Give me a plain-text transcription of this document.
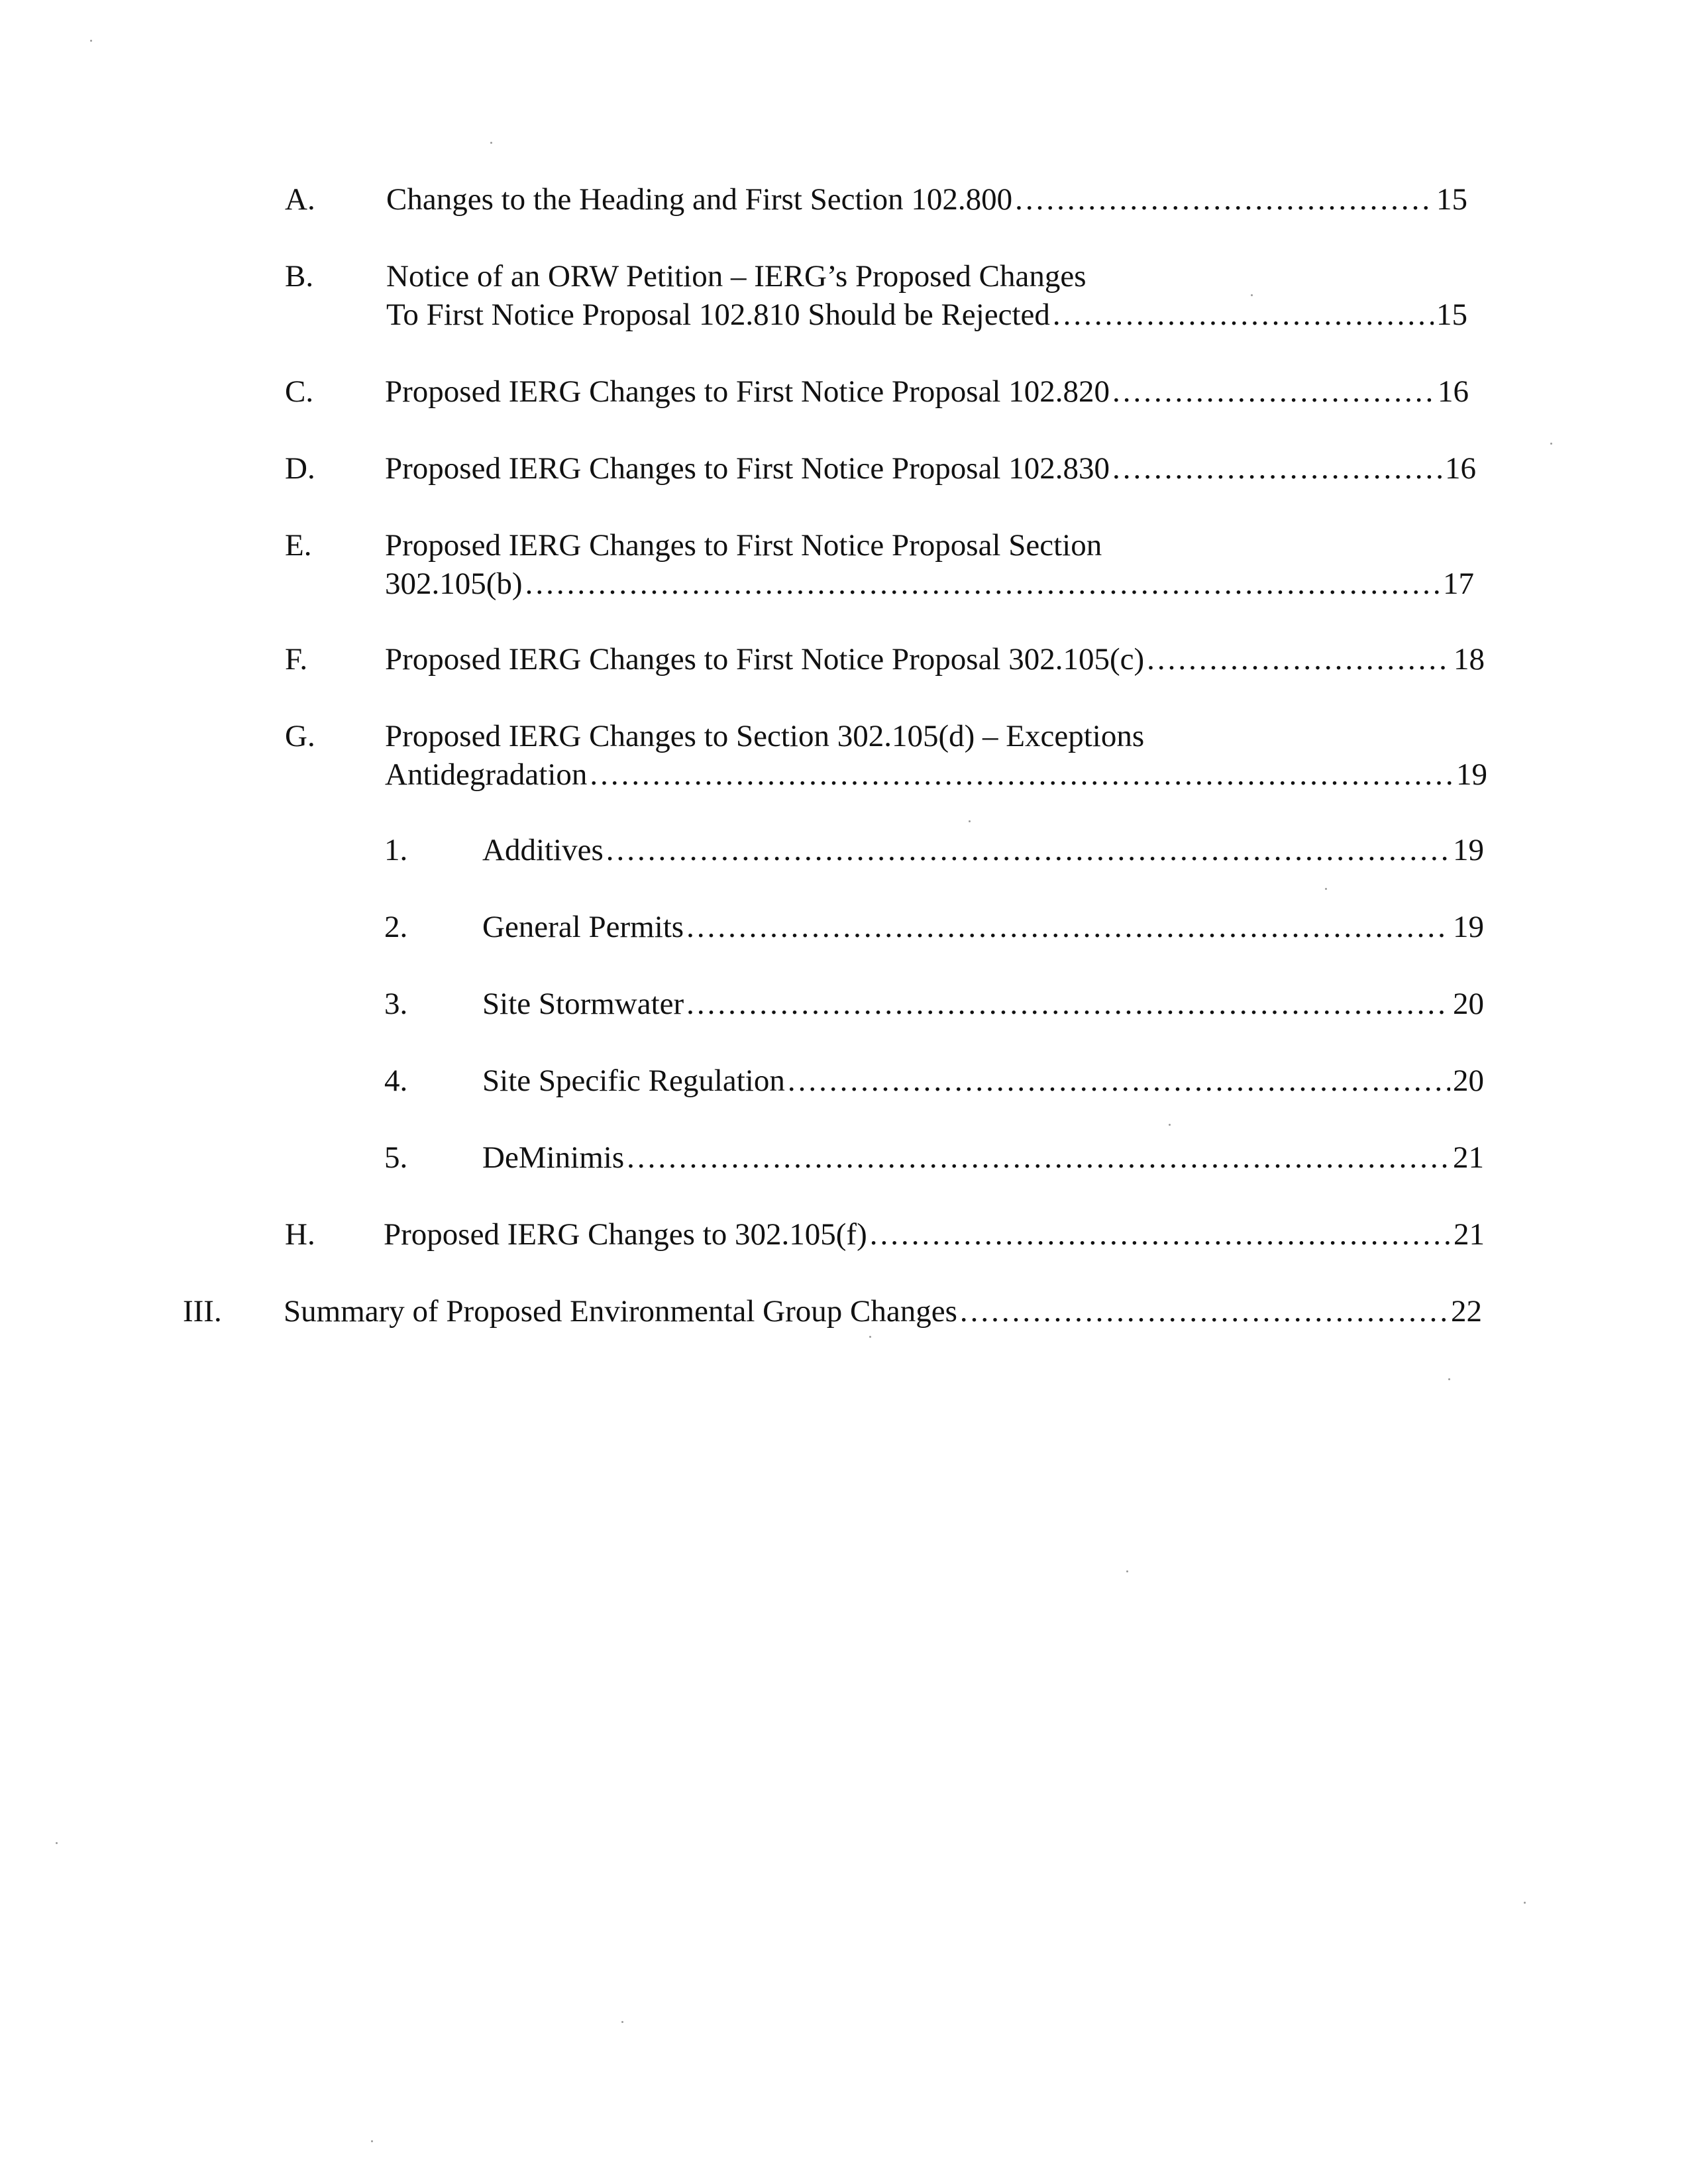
A. Changes to the Heading and First Section 102.800 .....	15
B. Notice of an ORW Petition – IERG’s Proposed Changes
To First Notice Proposal 102.810 Should be Rejected .....	15
C. Proposed IERG Changes to First Notice Proposal 102.820 .....	16
D. Proposed IERG Changes to First Notice Proposal 102.830 .....	16
E. Proposed IERG Changes to First Notice Proposal Section
302.105(b) .....	17
F. Proposed IERG Changes to First Notice Proposal 302.105(c) .....	18
G. Proposed IERG Changes to Section 302.105(d) – Exceptions
Antidegradation .....	19
1. Additives .....	19
2. General Permits .....	19
3. Site Stormwater .....	20
4. Site Specific Regulation .....	20
5. DeMinimis .....	21
H. Proposed IERG Changes to 302.105(f) .....	21
III. Summary of Proposed Environmental Group Changes .....	22
